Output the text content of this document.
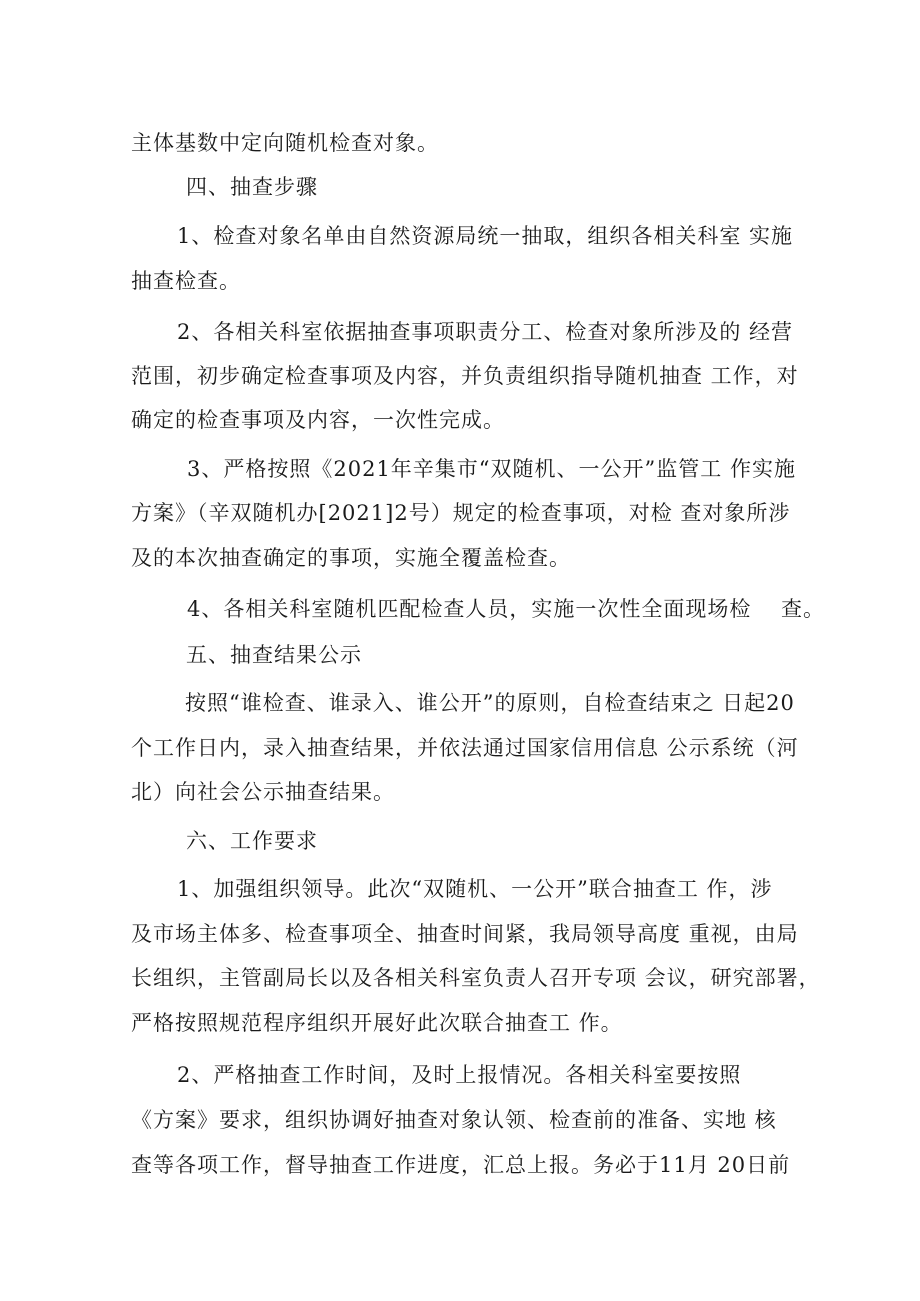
主体基数中定向随机检查对象。
四、抽查步骤
1、检查对象名单由自然资源局统一抽取，组织各相关科室 实施
抽查检查。
2、各相关科室依据抽查事项职责分工、检查对象所涉及的 经营
范围，初步确定检查事项及内容，并负责组织指导随机抽查 工作，对
确定的检查事项及内容，一次性完成。
3、严格按照《2021年辛集市“双随机、一公开”监管工 作实施
方案》（辛双随机办[2021]2号）规定的检查事项，对检 查对象所涉
及的本次抽查确定的事项，实施全覆盖检查。
4、各相关科室随机匹配检查人员，实施一次性全面现场检　 查。
五、抽查结果公示
按照“谁检查、谁录入、谁公开”的原则，自检查结束之 日起20
个工作日内，录入抽查结果，并依法通过国家信用信息 公示系统（河
北）向社会公示抽查结果。
六、工作要求
1、加强组织领导。此次“双随机、一公开”联合抽查工 作，涉
及市场主体多、检查事项全、抽查时间紧，我局领导高度 重视，由局
长组织，主管副局长以及各相关科室负责人召开专项 会议，研究部署，
严格按照规范程序组织开展好此次联合抽查工 作。
2、严格抽查工作时间，及时上报情况。各相关科室要按照
《方案》要求，组织协调好抽查对象认领、检查前的准备、实地 核
查等各项工作，督导抽查工作进度，汇总上报。务必于11月 20日前
